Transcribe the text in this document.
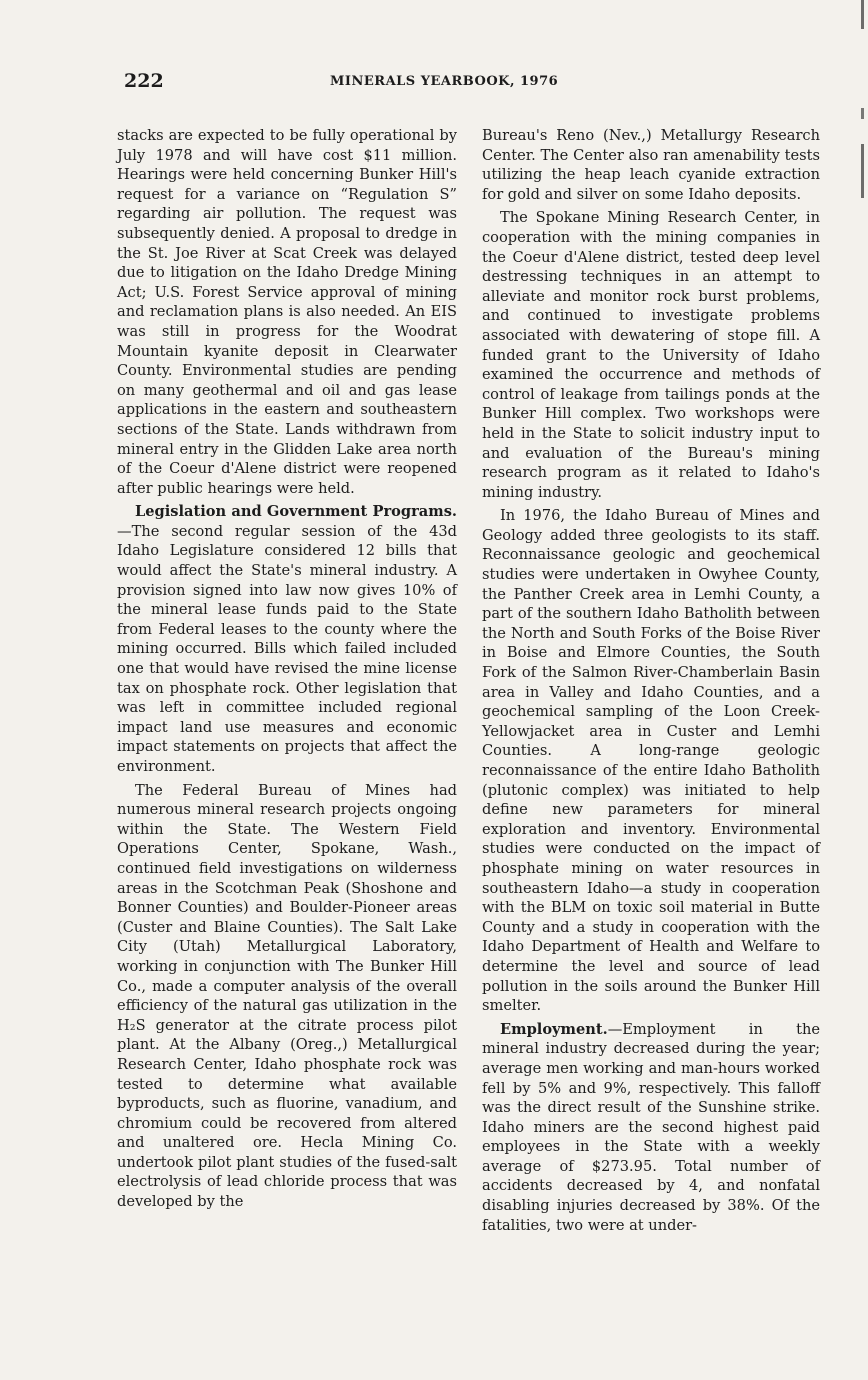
222	MINERALS YEARBOOK, 1976

stacks are expected to be fully operational by July 1978 and will have cost $11 million. Hearings were held concerning Bunker Hill's request for a variance on “Regulation S” regarding air pollution. The request was subsequently denied. A proposal to dredge in the St. Joe River at Scat Creek was delayed due to litigation on the Idaho Dredge Mining Act; U.S. Forest Service approval of mining and reclamation plans is also needed. An EIS was still in progress for the Woodrat Mountain kyanite deposit in Clearwater County. Environmental studies are pending on many geothermal and oil and gas lease applications in the eastern and southeastern sections of the State. Lands withdrawn from mineral entry in the Glidden Lake area north of the Coeur d'Alene district were reopened after public hearings were held.

Legislation and Government Programs.—The second regular session of the 43d Idaho Legislature considered 12 bills that would affect the State's mineral industry. A provision signed into law now gives 10% of the mineral lease funds paid to the State from Federal leases to the county where the mining occurred. Bills which failed included one that would have revised the mine license tax on phosphate rock. Other legislation that was left in committee included regional impact land use measures and economic impact statements on projects that affect the environment.

The Federal Bureau of Mines had numerous mineral research projects ongoing within the State. The Western Field Operations Center, Spokane, Wash., continued field investigations on wilderness areas in the Scotchman Peak (Shoshone and Bonner Counties) and Boulder-Pioneer areas (Custer and Blaine Counties). The Salt Lake City (Utah) Metallurgical Laboratory, working in conjunction with The Bunker Hill Co., made a computer analysis of the overall efficiency of the natural gas utilization in the H₂S generator at the citrate process pilot plant. At the Albany (Oreg.,) Metallurgical Research Center, Idaho phosphate rock was tested to determine what available byproducts, such as fluorine, vanadium, and chromium could be recovered from altered and unaltered ore. Hecla Mining Co. undertook pilot plant studies of the fused-salt electrolysis of lead chloride process that was developed by the

Bureau's Reno (Nev.,) Metallurgy Research Center. The Center also ran amenability tests utilizing the heap leach cyanide extraction for gold and silver on some Idaho deposits.

The Spokane Mining Research Center, in cooperation with the mining companies in the Coeur d'Alene district, tested deep level destressing techniques in an attempt to alleviate and monitor rock burst problems, and continued to investigate problems associated with dewatering of stope fill. A funded grant to the University of Idaho examined the occurrence and methods of control of leakage from tailings ponds at the Bunker Hill complex. Two workshops were held in the State to solicit industry input to and evaluation of the Bureau's mining research program as it related to Idaho's mining industry.

In 1976, the Idaho Bureau of Mines and Geology added three geologists to its staff. Reconnaissance geologic and geochemical studies were undertaken in Owyhee County, the Panther Creek area in Lemhi County, a part of the southern Idaho Batholith between the North and South Forks of the Boise River in Boise and Elmore Counties, the South Fork of the Salmon River-Chamberlain Basin area in Valley and Idaho Counties, and a geochemical sampling of the Loon Creek-Yellowjacket area in Custer and Lemhi Counties. A long-range geologic reconnaissance of the entire Idaho Batholith (plutonic complex) was initiated to help define new parameters for mineral exploration and inventory. Environmental studies were conducted on the impact of phosphate mining on water resources in southeastern Idaho—a study in cooperation with the BLM on toxic soil material in Butte County and a study in cooperation with the Idaho Department of Health and Welfare to determine the level and source of lead pollution in the soils around the Bunker Hill smelter.

Employment.—Employment in the mineral industry decreased during the year; average men working and man-hours worked fell by 5% and 9%, respectively. This falloff was the direct result of the Sunshine strike. Idaho miners are the second highest paid employees in the State with a weekly average of $273.95. Total number of accidents decreased by 4, and nonfatal disabling injuries decreased by 38%. Of the fatalities, two were at under-
